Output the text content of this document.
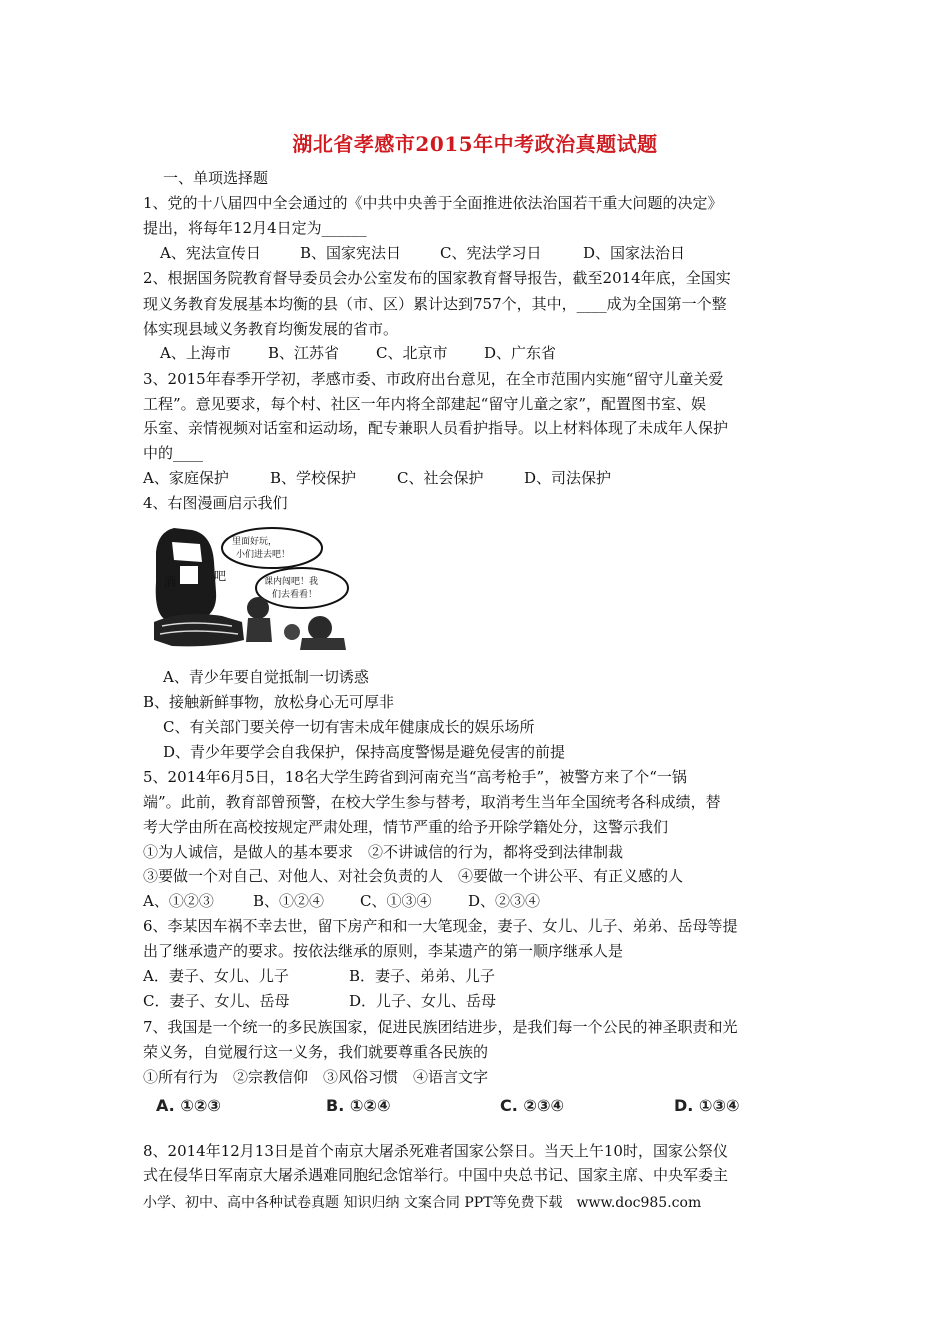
湖北省孝感市2015年中考政治真题试题
一、单项选择题
1、党的十八届四中全会通过的《中共中央善于全面推进依法治国若干重大问题的决定》
提出，将每年12月4日定为______
A、宪法宣传日	B、国家宪法日	C、宪法学习日	D、国家法治日
2、根据国务院教育督导委员会办公室发布的国家教育督导报告，截至2014年底，全国实
现义务教育发展基本均衡的县（市、区）累计达到757个，其中，____成为全国第一个整
体实现县域义务教育均衡发展的省市。
A、上海市 B、江苏省 C、北京市 D、广东省
3、2015年春季开学初，孝感市委、市政府出台意见，在全市范围内实施“留守儿童关爱
工程”。意见要求，每个村、社区一年内将全部建起“留守儿童之家”，配置图书室、娱
乐室、亲情视频对话室和运动场，配专兼职人员看护指导。以上材料体现了未成年人保护
中的____
A、家庭保护	B、学校保护	C、社会保护	D、司法保护
4、右图漫画启示我们
酒	吧
里面好玩，
小们进去吧！
课内闯吧！我
们去看看！
A、青少年要自觉抵制一切诱惑
B、接触新鲜事物，放松身心无可厚非
C、有关部门要关停一切有害未成年健康成长的娱乐场所
D、青少年要学会自我保护，保持高度警惕是避免侵害的前提
5、2014年6月5日，18名大学生跨省到河南充当“高考枪手”，被警方来了个“一锅
端”。此前，教育部曾预警，在校大学生参与替考，取消考生当年全国统考各科成绩，替
考大学由所在高校按规定严肃处理，情节严重的给予开除学籍处分，这警示我们
①为人诚信，是做人的基本要求　②不讲诚信的行为，都将受到法律制裁
③要做一个对自己、对他人、对社会负责的人　④要做一个讲公平、有正义感的人
A、①②③	B、①②④ C、①③④ D、②③④
6、李某因车祸不幸去世，留下房产和和一大笔现金，妻子、女儿、儿子、弟弟、岳母等提
出了继承遗产的要求。按依法继承的原则，李某遗产的第一顺序继承人是
A．妻子、女儿、儿子	B．妻子、弟弟、儿子
C．妻子、女儿、岳母	D．儿子、女儿、岳母
7、我国是一个统一的多民族国家，促进民族团结进步，是我们每一个公民的神圣职责和光
荣义务，自觉履行这一义务，我们就要尊重各民族的
①所有行为　②宗教信仰　③风俗习惯　④语言文字
A. ①②③	B. ①②④	C. ②③④	D. ①③④
8、2014年12月13日是首个南京大屠杀死难者国家公祭日。当天上午10时，国家公祭仪
式在侵华日军南京大屠杀遇难同胞纪念馆举行。中国中央总书记、国家主席、中央军委主
小学、初中、高中各种试卷真题 知识归纳 文案合同 PPT等免费下载　www.doc985.com
